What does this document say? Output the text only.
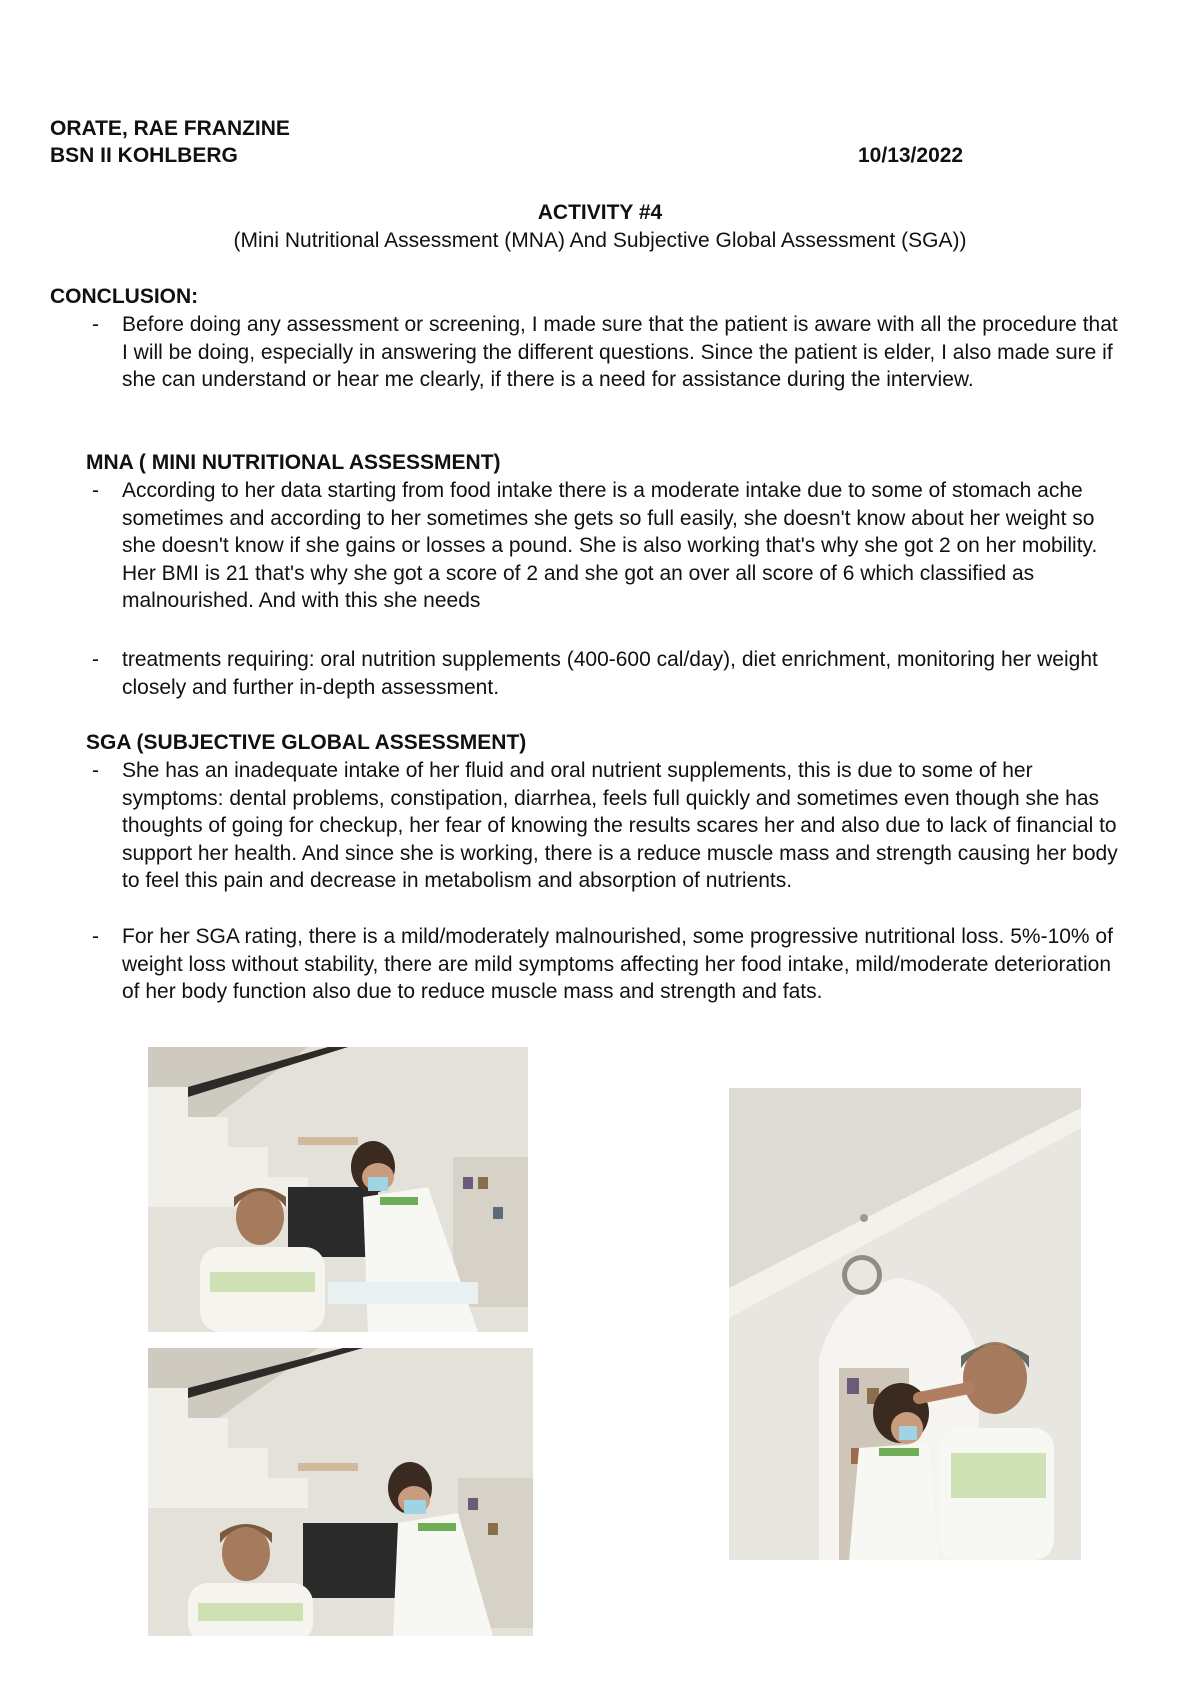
ORATE, RAE FRANZINE
BSN II KOHLBERG	10/13/2022
ACTIVITY #4
(Mini Nutritional Assessment (MNA) And Subjective Global Assessment (SGA))
CONCLUSION:
- Before doing any assessment or screening, I made sure that the patient is aware with all the procedure that I will be doing, especially in answering the different questions. Since the patient is elder, I also made sure if she can understand or hear me clearly, if there is a need for assistance during the interview.
MNA ( MINI NUTRITIONAL ASSESSMENT)
- According to her data starting from food intake there is a moderate intake due to some of stomach ache sometimes and according to her sometimes she gets so full easily, she doesn't know about her weight so she doesn't know if she gains or losses a pound. She is also working that's why she got 2 on her mobility. Her BMI is 21 that's why she got a score of 2 and she got an over all score of 6 which classified as malnourished. And with this she needs
- treatments requiring: oral nutrition supplements (400-600 cal/day), diet enrichment, monitoring her weight closely and further in-depth assessment.
SGA (SUBJECTIVE GLOBAL ASSESSMENT)
- She has an inadequate intake of her fluid and oral nutrient supplements, this is due to some of her symptoms: dental problems, constipation, diarrhea, feels full quickly and sometimes even though she has thoughts of going for checkup, her fear of knowing the results scares her and also due to lack of financial to support her health. And since she is working, there is a reduce muscle mass and strength causing her body to feel this pain and decrease in metabolism and absorption of nutrients.
- For her SGA rating, there is a mild/moderately malnourished, some progressive nutritional loss. 5%-10% of weight loss without stability, there are mild symptoms affecting her food intake, mild/moderate deterioration of her body function also due to reduce muscle mass and strength and fats.
